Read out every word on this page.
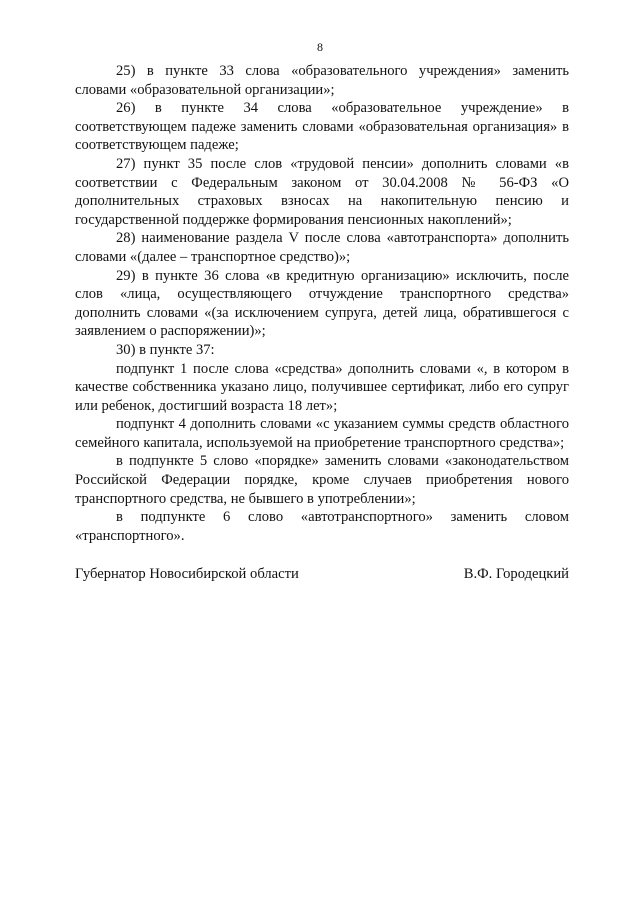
8

25) в пункте 33 слова «образовательного учреждения» заменить словами «образовательной организации»;

26) в пункте 34 слова «образовательное учреждение» в соответствующем падеже заменить словами «образовательная организация» в соответствующем падеже;

27) пункт 35 после слов «трудовой пенсии» дополнить словами «в соответствии с Федеральным законом от 30.04.2008 № 56-ФЗ «О дополнительных страховых взносах на накопительную пенсию и государственной поддержке формирования пенсионных накоплений»;

28) наименование раздела V после слова «автотранспорта» дополнить словами «(далее – транспортное средство)»;

29) в пункте 36 слова «в кредитную организацию» исключить, после слов «лица, осуществляющего отчуждение транспортного средства» дополнить словами «(за исключением супруга, детей лица, обратившегося с заявлением о распоряжении)»;

30) в пункте 37:

подпункт 1 после слова «средства» дополнить словами «, в котором в качестве собственника указано лицо, получившее сертификат, либо его супруг или ребенок, достигший возраста 18 лет»;

подпункт 4 дополнить словами «с указанием суммы средств областного семейного капитала, используемой на приобретение транспортного средства»;

в подпункте 5 слово «порядке» заменить словами «законодательством Российской Федерации порядке, кроме случаев приобретения нового транспортного средства, не бывшего в употреблении»;

в подпункте 6 слово «автотранспортного» заменить словом «транспортного».

Губернатор Новосибирской области	В.Ф. Городецкий
